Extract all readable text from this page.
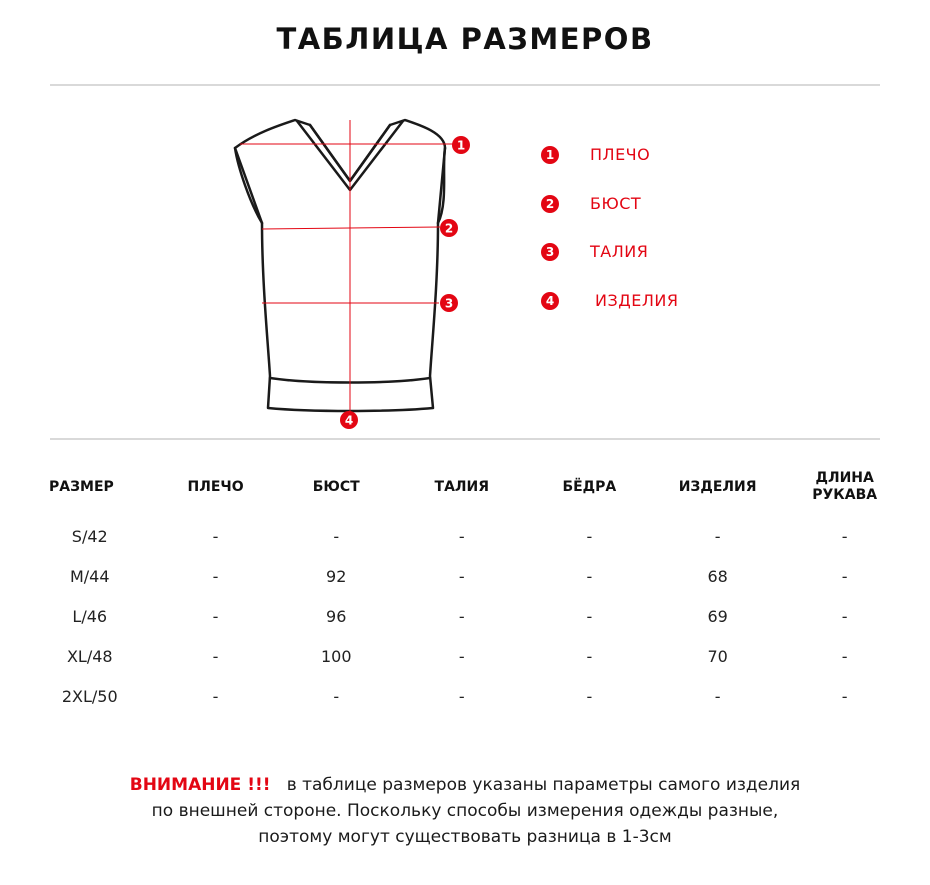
ТАБЛИЦА РАЗМЕРОВ
1
2
3
4
1	ПЛЕЧО
2	БЮСТ
3	ТАЛИЯ
4	ИЗДЕЛИЯ
РАЗМЕР	ПЛЕЧО	БЮСТ	ТАЛИЯ	БЁДРА	ИЗДЕЛИЯ	ДЛИНА РУКАВА
S/42	-	-	-	-	-	-
M/44	-	92	-	-	68	-
L/46	-	96	-	-	69	-
XL/48	-	100	-	-	70	-
2XL/50	-	-	-	-	-	-
ВНИМАНИЕ !!! в таблице размеров указаны параметры самого изделия
по внешней стороне. Поскольку способы измерения одежды разные,
поэтому могут существовать разница в 1-3см
